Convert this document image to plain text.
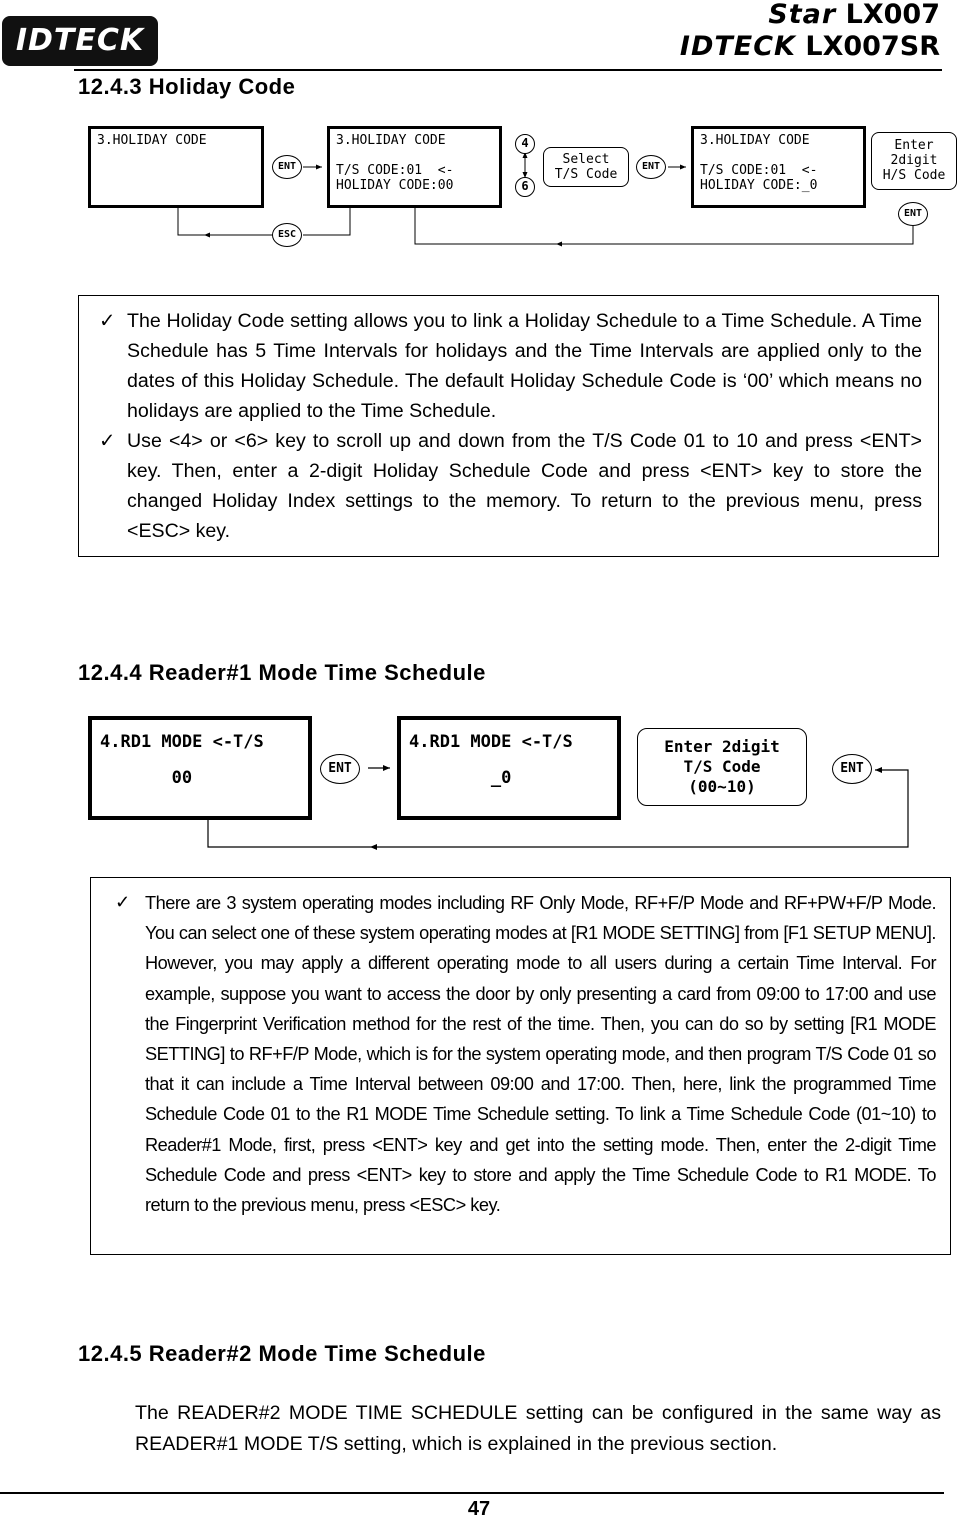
IDTECK
Star LX007
IDTECK LX007SR
12.4.3 Holiday Code
3.HOLIDAY CODE
ENT
ESC
3.HOLIDAY CODE

T/S CODE:01  <-
HOLIDAY CODE:00
4
6
Select
T/S Code
ENT
3.HOLIDAY CODE

T/S CODE:01  <-
HOLIDAY CODE:_0
Enter
2digit
H/S Code
ENT
✓ The Holiday Code setting allows you to link a Holiday Schedule to a Time Schedule. A Time Schedule has 5 Time Intervals for holidays and the Time Intervals are applied only to the dates of this Holiday Schedule. The default Holiday Schedule Code is ‘00’ which means no holidays are applied to the Time Schedule.
✓ Use <4> or <6> key to scroll up and down from the T/S Code 01 to 10 and press <ENT> key. Then, enter a 2-digit Holiday Schedule Code and press <ENT> key to store the changed Holiday Index settings to the memory. To return to the previous menu, press <ESC> key.
12.4.4 Reader#1 Mode Time Schedule
4.RD1 MODE <-T/S
00	ENT
4.RD1 MODE <-T/S
_0
Enter 2digit
T/S Code
(00~10)
ENT
✓ There are 3 system operating modes including RF Only Mode, RF+F/P Mode and RF+PW+F/P Mode. You can select one of these system operating modes at [R1 MODE SETTING] from [F1 SETUP MENU]. However, you may apply a different operating mode to all users during a certain Time Interval. For example, suppose you want to access the door by only presenting a card from 09:00 to 17:00 and use the Fingerprint Verification method for the rest of the time. Then, you can do so by setting [R1 MODE SETTING] to RF+F/P Mode, which is for the system operating mode, and then program T/S Code 01 so that it can include a Time Interval between 09:00 and 17:00. Then, here, link the programmed Time Schedule Code 01 to the R1 MODE Time Schedule setting. To link a Time Schedule Code (01~10) to Reader#1 Mode, first, press <ENT> key and get into the setting mode. Then, enter the 2-digit Time Schedule Code and press <ENT> key to store and apply the Time Schedule Code to R1 MODE. To return to the previous menu, press <ESC> key.
12.4.5 Reader#2 Mode Time Schedule
The READER#2 MODE TIME SCHEDULE setting can be configured in the same way as READER#1 MODE T/S setting, which is explained in the previous section.
47
